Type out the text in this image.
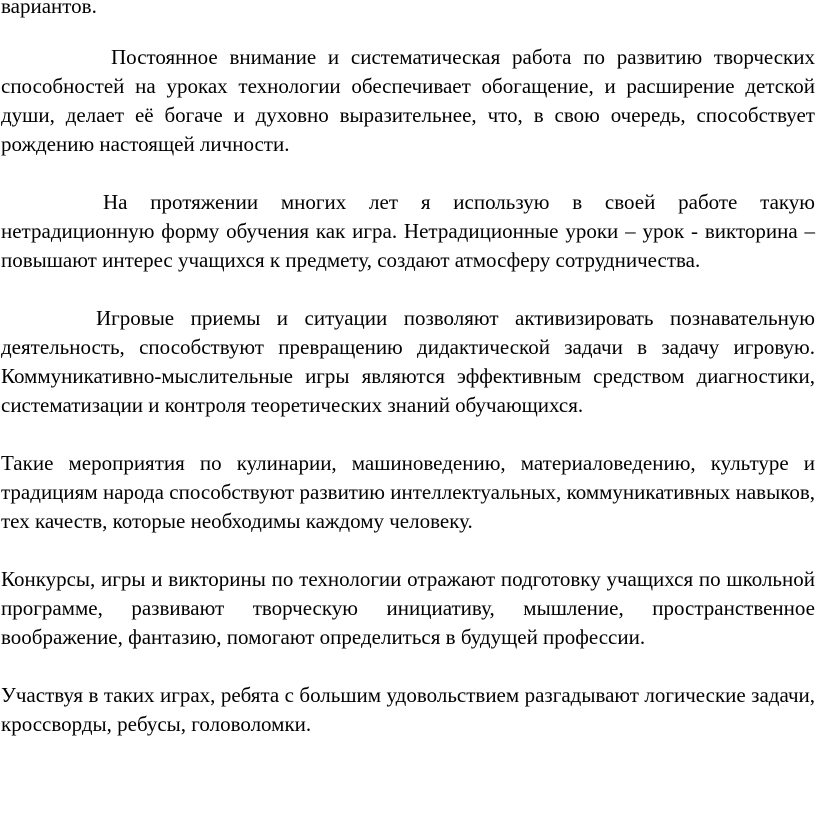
вариантов.

Постоянное внимание и систематическая работа по развитию творческих способностей на уроках технологии обеспечивает обогащение, и расширение детской души, делает её богаче и духовно выразительнее, что, в свою очередь, способствует рождению настоящей личности.

На протяжении многих лет я использую в своей работе такую нетрадиционную форму обучения как игра. Нетрадиционные уроки – урок - викторина – повышают интерес учащихся к предмету, создают атмосферу сотрудничества.

Игровые приемы и ситуации позволяют активизировать познавательную деятельность, способствуют превращению дидактической задачи в задачу игровую. Коммуникативно-мыслительные игры являются эффективным средством диагностики, систематизации и контроля теоретических знаний обучающихся.

Такие мероприятия по кулинарии, машиноведению, материаловедению, культуре и традициям народа способствуют развитию интеллектуальных, коммуникативных навыков, тех качеств, которые необходимы каждому человеку.

Конкурсы, игры и викторины по технологии отражают подготовку учащихся по школьной программе, развивают творческую инициативу, мышление, пространственное воображение, фантазию, помогают определиться в будущей профессии.

Участвуя в таких играх, ребята с большим удовольствием разгадывают логические задачи, кроссворды, ребусы, головоломки.
